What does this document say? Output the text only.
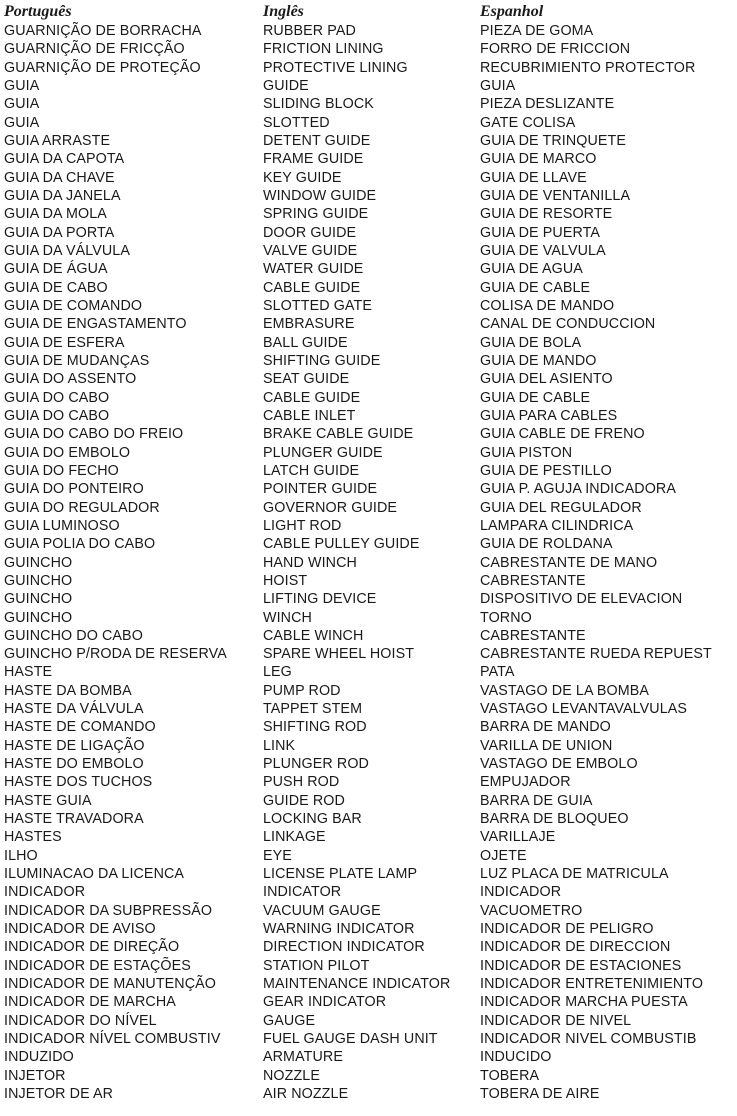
Português	Inglês	Espanhol
GUARNIÇÃO DE BORRACHA	RUBBER PAD	PIEZA DE GOMA
GUARNIÇÃO DE FRICÇÃO	FRICTION LINING	FORRO DE FRICCION
GUARNIÇÃO DE PROTEÇÃO	PROTECTIVE LINING	RECUBRIMIENTO PROTECTOR
GUIA	GUIDE	GUIA
GUIA	SLIDING BLOCK	PIEZA DESLIZANTE
GUIA	SLOTTED	GATE COLISA
GUIA ARRASTE	DETENT GUIDE	GUIA DE TRINQUETE
GUIA DA CAPOTA	FRAME GUIDE	GUIA DE MARCO
GUIA DA CHAVE	KEY GUIDE	GUIA DE LLAVE
GUIA DA JANELA	WINDOW GUIDE	GUIA DE VENTANILLA
GUIA DA MOLA	SPRING GUIDE	GUIA DE RESORTE
GUIA DA PORTA	DOOR GUIDE	GUIA DE PUERTA
GUIA DA VÁLVULA	VALVE GUIDE	GUIA DE VALVULA
GUIA DE ÁGUA	WATER GUIDE	GUIA DE AGUA
GUIA DE CABO	CABLE GUIDE	GUIA DE CABLE
GUIA DE COMANDO	SLOTTED GATE	COLISA DE MANDO
GUIA DE ENGASTAMENTO	EMBRASURE	CANAL DE CONDUCCION
GUIA DE ESFERA	BALL GUIDE	GUIA DE BOLA
GUIA DE MUDANÇAS	SHIFTING GUIDE	GUIA DE MANDO
GUIA DO ASSENTO	SEAT GUIDE	GUIA DEL ASIENTO
GUIA DO CABO	CABLE GUIDE	GUIA DE CABLE
GUIA DO CABO	CABLE INLET	GUIA PARA CABLES
GUIA DO CABO DO FREIO	BRAKE CABLE GUIDE	GUIA CABLE DE FRENO
GUIA DO EMBOLO	PLUNGER GUIDE	GUIA PISTON
GUIA DO FECHO	LATCH GUIDE	GUIA DE PESTILLO
GUIA DO PONTEIRO	POINTER GUIDE	GUIA P. AGUJA INDICADORA
GUIA DO REGULADOR	GOVERNOR GUIDE	GUIA DEL REGULADOR
GUIA LUMINOSO	LIGHT ROD	LAMPARA CILINDRICA
GUIA POLIA DO CABO	CABLE PULLEY GUIDE	GUIA DE ROLDANA
GUINCHO	HAND WINCH	CABRESTANTE DE MANO
GUINCHO	HOIST	CABRESTANTE
GUINCHO	LIFTING DEVICE	DISPOSITIVO DE ELEVACION
GUINCHO	WINCH	TORNO
GUINCHO DO CABO	CABLE WINCH	CABRESTANTE
GUINCHO P/RODA DE RESERVA	SPARE WHEEL HOIST	CABRESTANTE RUEDA REPUEST
HASTE	LEG	PATA
HASTE DA BOMBA	PUMP ROD	VASTAGO DE LA BOMBA
HASTE DA VÁLVULA	TAPPET STEM	VASTAGO LEVANTAVALVULAS
HASTE DE COMANDO	SHIFTING ROD	BARRA DE MANDO
HASTE DE LIGAÇÃO	LINK	VARILLA DE UNION
HASTE DO EMBOLO	PLUNGER ROD	VASTAGO DE EMBOLO
HASTE DOS TUCHOS	PUSH ROD	EMPUJADOR
HASTE GUIA	GUIDE ROD	BARRA DE GUIA
HASTE TRAVADORA	LOCKING BAR	BARRA DE BLOQUEO
HASTES	LINKAGE	VARILLAJE
ILHO	EYE	OJETE
ILUMINACAO DA LICENCA	LICENSE PLATE LAMP	LUZ PLACA DE MATRICULA
INDICADOR	INDICATOR	INDICADOR
INDICADOR DA SUBPRESSÃO	VACUUM GAUGE	VACUOMETRO
INDICADOR DE AVISO	WARNING INDICATOR	INDICADOR DE PELIGRO
INDICADOR DE DIREÇÃO	DIRECTION INDICATOR	INDICADOR DE DIRECCION
INDICADOR DE ESTAÇÕES	STATION PILOT	INDICADOR DE ESTACIONES
INDICADOR DE MANUTENÇÃO	MAINTENANCE INDICATOR	INDICADOR ENTRETENIMIENTO
INDICADOR DE MARCHA	GEAR INDICATOR	INDICADOR MARCHA PUESTA
INDICADOR DO NÍVEL	GAUGE	INDICADOR DE NIVEL
INDICADOR NÍVEL COMBUSTIV	FUEL GAUGE DASH UNIT	INDICADOR NIVEL COMBUSTIB
INDUZIDO	ARMATURE	INDUCIDO
INJETOR	NOZZLE	TOBERA
INJETOR DE AR	AIR NOZZLE	TOBERA DE AIRE
